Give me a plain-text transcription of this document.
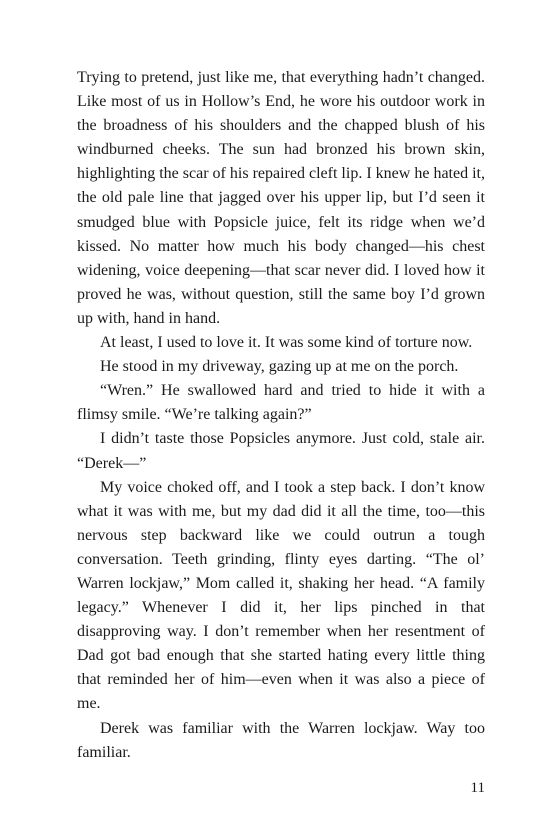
Trying to pretend, just like me, that everything hadn’t changed. Like most of us in Hollow’s End, he wore his outdoor work in the broadness of his shoulders and the chapped blush of his windburned cheeks. The sun had bronzed his brown skin, highlighting the scar of his repaired cleft lip. I knew he hated it, the old pale line that jagged over his upper lip, but I’d seen it smudged blue with Popsicle juice, felt its ridge when we’d kissed. No matter how much his body changed—his chest widening, voice deepening—that scar never did. I loved how it proved he was, without question, still the same boy I’d grown up with, hand in hand.

At least, I used to love it. It was some kind of torture now.

He stood in my driveway, gazing up at me on the porch.

“Wren.” He swallowed hard and tried to hide it with a flimsy smile. “We’re talking again?”

I didn’t taste those Popsicles anymore. Just cold, stale air. “Derek—”

My voice choked off, and I took a step back. I don’t know what it was with me, but my dad did it all the time, too—this nervous step backward like we could outrun a tough conversation. Teeth grinding, flinty eyes darting. “The ol’ Warren lockjaw,” Mom called it, shaking her head. “A family legacy.” Whenever I did it, her lips pinched in that disapproving way. I don’t remember when her resentment of Dad got bad enough that she started hating every little thing that reminded her of him—even when it was also a piece of me.

Derek was familiar with the Warren lockjaw. Way too familiar.

11
